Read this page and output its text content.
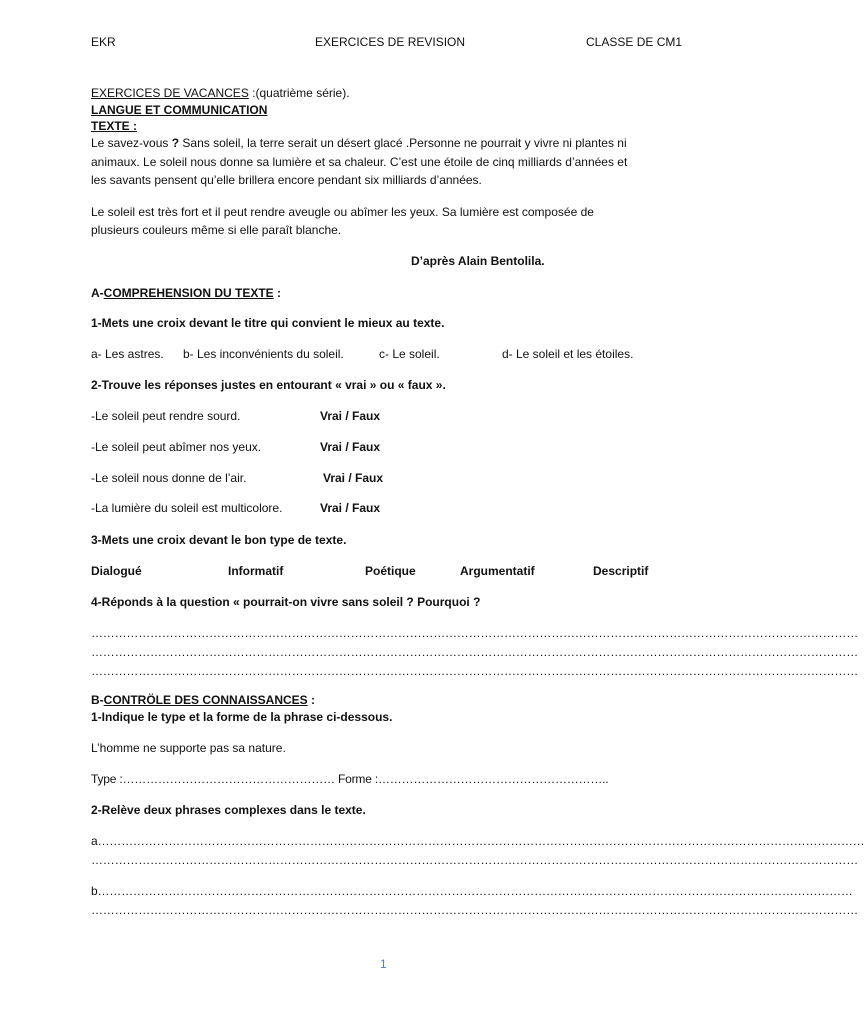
EKR	EXERCICES DE REVISION	CLASSE DE CM1
EXERCICES DE VACANCES :(quatrième série).
LANGUE ET COMMUNICATION
TEXTE :
Le savez-vous ? Sans soleil, la terre serait un désert glacé .Personne ne pourrait y vivre ni plantes ni
animaux. Le soleil nous donne sa lumière et sa chaleur. C’est une étoile de cinq milliards d’années et
les savants pensent qu’elle brillera encore pendant six milliards d’années.
Le soleil est très fort et il peut rendre aveugle ou abîmer les yeux. Sa lumière est composée de
plusieurs couleurs même si elle paraît blanche.
D’après Alain Bentolila.
A-COMPREHENSION DU TEXTE :
1-Mets une croix devant le titre qui convient le mieux au texte.
a- Les astres. b- Les inconvénients du soleil.	c- Le soleil.	d- Le soleil et les étoiles.
2-Trouve les réponses justes en entourant « vrai » ou « faux ».
-Le soleil peut rendre sourd.	Vrai / Faux
-Le soleil peut abîmer nos yeux.	Vrai / Faux
-Le soleil nous donne de l’air.	Vrai / Faux
-La lumière du soleil est multicolore.	Vrai / Faux
3-Mets une croix devant le bon type de texte.
Dialogué	Informatif	Poétique	Argumentatif	Descriptif
4-Réponds à la question « pourrait-on vivre sans soleil ? Pourquoi ?
……………………………………………………………………………………………………………………………………………………………………………
……………………………………………………………………………………………………………………………………………………………………………
……………………………………………………………………………………………………………………………………………………………………………
B-CONTRÖLE DES CONNAISSANCES :
1-Indique le type et la forme de la phrase ci-dessous.
L’homme ne supporte pas sa nature.
Type :……………………………………………… Forme :…………………………………………………..
2-Relève deux phrases complexes dans le texte.
a……………………………………………………………………………………………………………………………………………………………………………
……………………………………………………………………………………………………………………………………………………………………………
b…………………………………………………………………………………………………………………………………………………………………………
……………………………………………………………………………………………………………………………………………………………………………
1
